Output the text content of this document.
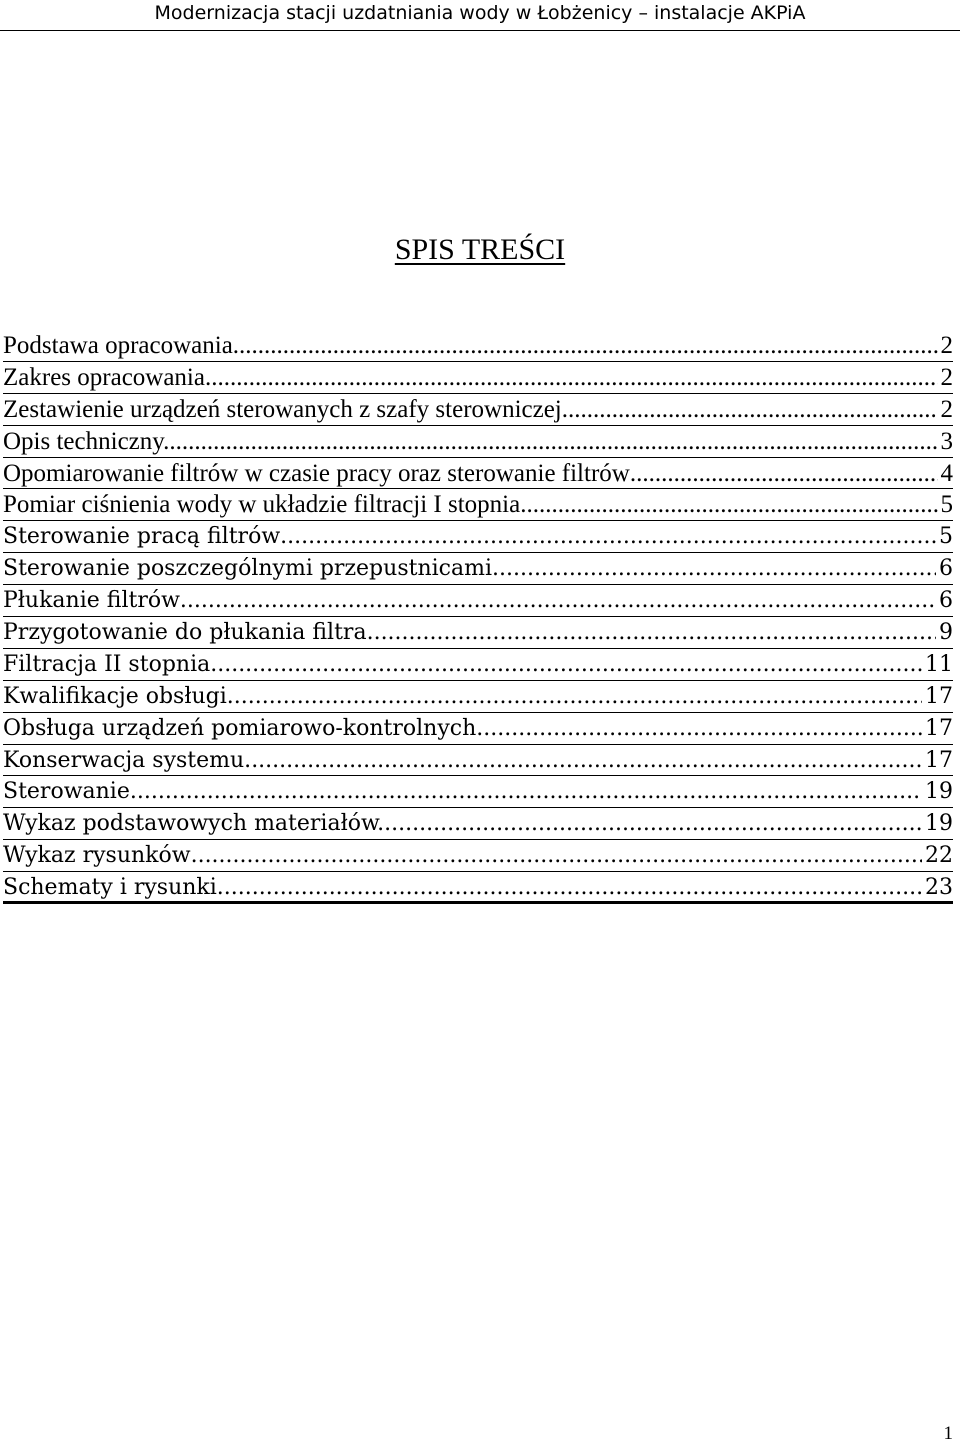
Modernizacja stacji uzdatniania wody w Łobżenicy – instalacje AKPiA
SPIS TREŚCI
Podstawa opracowania .....	2
Zakres opracowania. .....	2
Zestawienie urządzeń sterowanych z szafy sterowniczej .....	2
Opis techniczny. .....	3
Opomiarowanie filtrów w czasie pracy oraz sterowanie filtrów .....	4
Pomiar ciśnienia wody w układzie filtracji I stopnia .....	5
Sterowanie pracą filtrów .....	5
Sterowanie poszczególnymi przepustnicami .....	6
Płukanie filtrów .....	6
Przygotowanie do płukania filtra .....	9
Filtracja II stopnia .....	11
Kwalifikacje obsługi. .....	17
Obsługa urządzeń pomiarowo-kontrolnych. .....	17
Konserwacja systemu. .....	17
Sterowanie. .....	19
Wykaz podstawowych materiałów. .....	19
Wykaz rysunków .....	22
Schematy i rysunki .....	23
1
